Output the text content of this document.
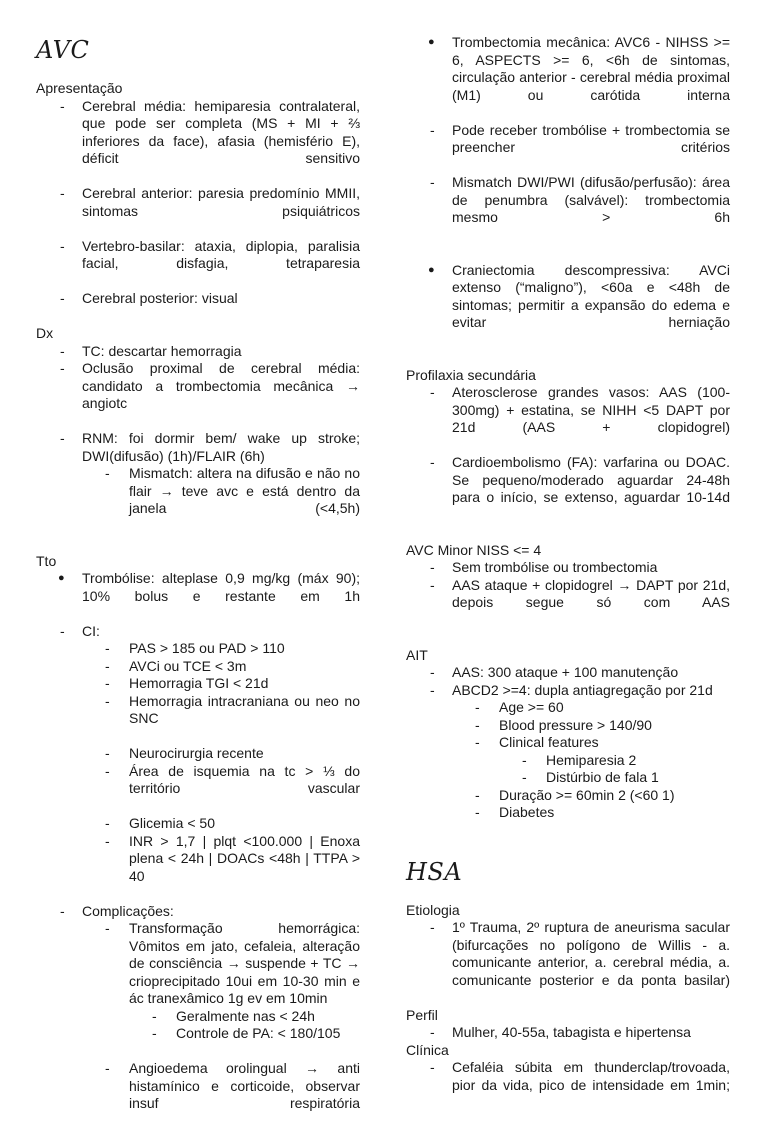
AVC

Apresentação

-	Cerebral média: hemiparesia contralateral, que pode ser completa (MS + MI + ⅔ inferiores da face), afasia (hemisfério E), déficit sensitivo
-	Cerebral anterior: paresia predomínio MMII, sintomas psiquiátricos
-	Vertebro-basilar: ataxia, diplopia, paralisia facial, disfagia, tetraparesia
-	Cerebral posterior: visual

Dx

-	TC: descartar hemorragia
-	Oclusão proximal de cerebral média: candidato a trombectomia mecânica → angiotc
-	RNM: foi dormir bem/ wake up stroke; DWI(difusão) (1h)/FLAIR (6h)
-	Mismatch: altera na difusão e não no flair → teve avc e está dentro da janela (<4,5h)

Tto

●	Trombólise: alteplase 0,9 mg/kg (máx 90); 10% bolus e restante em 1h
-	CI:
-	PAS > 185 ou PAD > 110
-	AVCi ou TCE < 3m
-	Hemorragia TGI < 21d
-	Hemorragia intracraniana ou neo no SNC
-	Neurocirurgia recente
-	Área de isquemia na tc > ⅓ do território vascular
-	Glicemia < 50
-	INR > 1,7 | plqt <100.000 | Enoxa plena < 24h | DOACs <48h | TTPA > 40
-	Complicações:
-	Transformação hemorrágica: Vômitos em jato, cefaleia, alteração de consciência → suspende + TC → crioprecipitado 10ui em 10-30 min e ác tranexâmico 1g ev em 10min
-	Geralmente nas < 24h
-	Controle de PA: < 180/105
-	Angioedema orolingual → anti histamínico e corticoide, observar insuf respiratória
●	Trombectomia mecânica: AVC6 - NIHSS >= 6, ASPECTS >= 6, <6h de sintomas, circulação anterior - cerebral média proximal (M1) ou carótida interna
-	Pode receber trombólise + trombectomia se preencher critérios
-	Mismatch DWI/PWI (difusão/perfusão): área de penumbra (salvável): trombectomia mesmo > 6h
●	Craniectomia descompressiva: AVCi extenso (“maligno”), <60a e <48h de sintomas; permitir a expansão do edema e evitar herniação

Profilaxia secundária

-	Aterosclerose grandes vasos: AAS (100-300mg) + estatina, se NIHH <5 DAPT por 21d (AAS + clopidogrel)
-	Cardioembolismo (FA): varfarina ou DOAC. Se pequeno/moderado aguardar 24-48h para o início, se extenso, aguardar 10-14d

AVC Minor NISS <= 4

-	Sem trombólise ou trombectomia
-	AAS ataque + clopidogrel → DAPT por 21d, depois segue só com AAS

AIT

-	AAS: 300 ataque + 100 manutenção
-	ABCD2 >=4: dupla antiagregação por 21d
-	Age >= 60
-	Blood pressure > 140/90
-	Clinical features
-	Hemiparesia 2
-	Distúrbio de fala 1
-	Duração >= 60min 2 (<60 1)
-	Diabetes
HSA

Etiologia

-	1º Trauma, 2º ruptura de aneurisma sacular (bifurcações no polígono de Willis - a. comunicante anterior, a. cerebral média, a. comunicante posterior e da ponta basilar)

Perfil

-	Mulher, 40-55a, tabagista e hipertensa

Clínica

-	Cefaléia súbita em thunderclap/trovoada, pior da vida, pico de intensidade em 1min;
